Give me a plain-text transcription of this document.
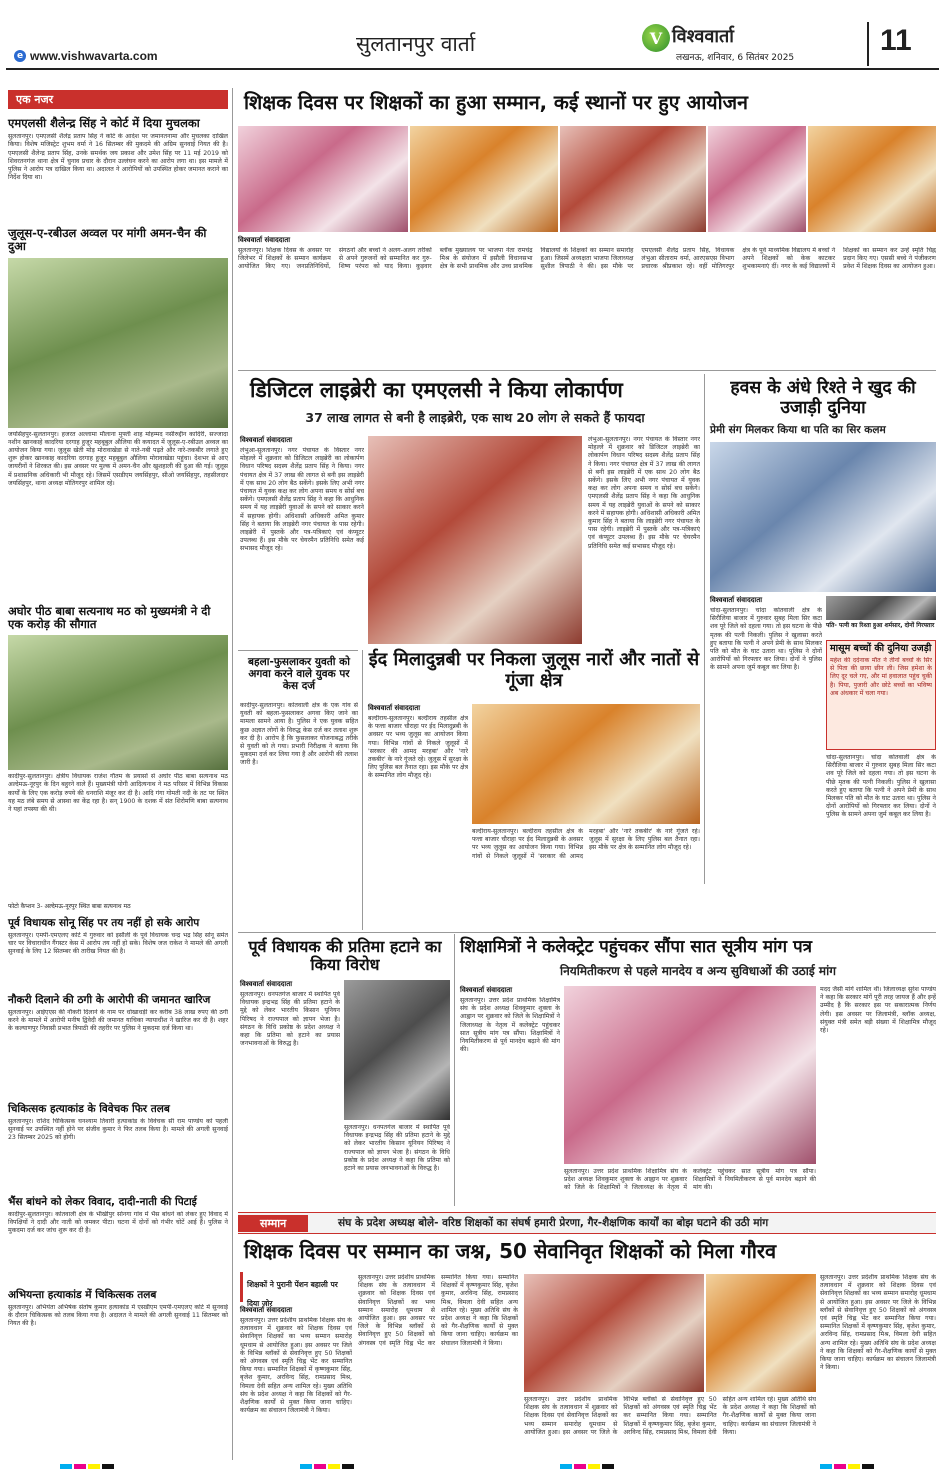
e www.vishwavarta.com	सुलतानपुर वार्ता	V विश्ववार्ता
लखनऊ, शनिवार, 6 सितंबर 2025
11
एक नजर
एमएलसी शैलेन्द्र सिंह ने कोर्ट में दिया मुचलका
सुलतानपुर। एमएलसी शैलेंद्र प्रताप सिंह ने कोर्ट के आदेश पर जमानतनामा और मुचलका दाखिल किया। विशेष मजिस्ट्रेट शुभम वर्मा ने 16 सितम्बर की मुकदमे की अग्रिम सुनवाई नियत की है। एमएलसी शैलेन्द्र प्रताप सिंह, उनके समर्थक जय प्रकाश और उमेश सिंह पर 11 मई 2019 को शिवरतनगंज थाना क्षेत्र में चुनाव प्रचार के दौरान उल्लंघन करने का आरोप लगा था। इस मामले में पुलिस ने आरोप पत्र दाखिल किया था। अदालत ने आरोपियों को उपस्थित होकर जमानत कराने का निर्देश दिया था।
जुलूस-ए-रबीउल अव्वल पर मांगी अमन-चैन की दुआ
जयसिंहपुर-सुलतानपुर। हजरत अल्लामा मौलाना मुफ्ती शाह मोहम्मद नसीरुद्दीन कादिरी, सज्जादा नशीन खानकाहे कादरिया दरगाह हुजूर महबूबुल औलिया की कयादत में जुलूस-ए-रबीउल अव्वल का आयोजन किया गया। जुलूस खेती मोड़ मोरावाखेडा से नाते-नबी पढ़ते और नारे-तकबीर लगाते हुए शुरू होकर खानकाह कादरिया दरगाह हुजूर महबूबुल औलिया मोरावाखेडा पहुंचा। देशभर से आए जायरीनों ने शिरकत की। इस अवसर पर मुल्क में अमन-चैन और खुशहाली की दुआ की गई। जुलूस में प्रशासनिक अधिकारी भी मौजूद रहे। जिसमें एसडीएम जयसिंहपुर, सीओ जयसिंहपुर, तहसीलदार जयसिंहपुर, थाना अध्यक्ष मोतिगरपुर शामिल रहे।
अघोर पीठ बाबा सत्यनाथ मठ को मुख्यमंत्री ने दी एक करोड़ की सौगात
कादीपुर-सुलतानपुर। क्षेत्रीय विधायक राजेश गौतम के प्रयासों से अघोर पीठ बाबा सत्यनाथ मठ अल्देमऊ-नूरपुर के दिन बहुरने वाले हैं। मुख्यमंत्री योगी आदित्यनाथ ने मठ परिसर में विभिन्न विकास कार्यों के लिए एक करोड़ रुपये की धनराशि मंजूर कर दी है। आदि गंगा गोमती नदी के तट पर स्थित यह मठ लंबे समय से आस्था का केंद्र रहा है। सन् 1900 के दशक में संत शिरोमणि बाबा सत्यनाथ ने यहां तपस्या की थी।
फोटो कैप्शन 3- अल्देमऊ-नूरपुर स्थित बाबा सत्यनाथ मठ
पूर्व विधायक सोनू सिंह पर तय नहीं हो सके आरोप
सुलतानपुर। एमपी-एमएलए कोर्ट में गुरुवार को इसौली के पूर्व विधायक चन्द्र भद्र सिंह सोनू समेत चार पर विचाराधीन गैंगस्टर केस में आरोप तय नहीं हो सके। विशेष जज राकेश ने मामले की अगली सुनवाई के लिए 12 सितम्बर की तारीख नियत की है।
नौकरी दिलाने की ठगी के आरोपी की जमानत खारिज
सुलतानपुर। आईएएस की नौकरी दिलाने के नाम पर धोखाधड़ी कर करीब 38 लाख रुपए की ठगी करने के मामले में आरोपी मनीष द्विवेदी की जमानत याचिका न्यायाधीश ने खारिज कर दी है। शहर के कल्याणपुर निवासी प्रभात त्रिपाठी की तहरीर पर पुलिस ने मुकदमा दर्ज किया था।
चिकित्सक हत्याकांड के विवेचक फिर तलब
सुलतानपुर। राशिद चिकित्सक घनश्याम तिवारी हत्याकांड के विवेचक सी राम पाण्डेय को पहली सुनवाई पर उपस्थित नहीं होने पर संजीव कुमार ने फिर तलब किया है। मामले की अगली सुनवाई 23 सितम्बर 2025 को होगी।
भैंस बांधने को लेकर विवाद, दादी-नाती की पिटाई
कादीपुर-सुलतानपुर। कोतवाली क्षेत्र के भीखीपुर सोनगा गांव में भैंस बांधने को लेकर हुए विवाद में विपक्षियों ने दादी और नाती को जमकर पीटा। घटना में दोनों को गंभीर चोटें आई हैं। पुलिस ने मुकदमा दर्ज कर जांच शुरू कर दी है।
अभियन्ता हत्याकांड में चिकित्सक तलब
सुलतानपुर। अभियंता अभिषेक संतोष कुमार हत्याकांड में एसडीएम एमपी-एमएलए कोर्ट में सुनवाई के दौरान चिकित्सक को तलब किया गया है। अदालत ने मामले की अगली सुनवाई 11 सितम्बर को नियत की है।
शिक्षक दिवस पर शिक्षकों का हुआ सम्मान, कई स्थानों पर हुए आयोजन
विश्ववार्ता संवाददाता
सुलतानपुर। शिक्षक दिवस के अवसर पर जिलेभर में शिक्षकों के सम्मान कार्यक्रम आयोजित किए गए। जनप्रतिनिधियों, संगठनों और बच्चों ने अलग-अलग तरीकों से अपने गुरुजनों को सम्मानित कर गुरु-शिष्य परंपरा को याद किया। कुड़वार ब्लॉक मुख्यालय पर भाजपा नेता रामचंद्र मिश्र के संयोजन में इसौली विधानसभा क्षेत्र के सभी प्राथमिक और उच्च प्राथमिक विद्यालयों के शिक्षकों का सम्मान समारोह हुआ। जिसमें अध्यक्षता भाजपा जिलाध्यक्ष सुशील त्रिपाठी ने की। इस मौके पर एमएलसी शैलेंद्र प्रताप सिंह, विधायक लंभुआ सीताराम वर्मा, आरएसएस विभाग प्रचारक श्रीप्रकाश रहे। वहीं मोतिगरपुर क्षेत्र के पूर्व माध्यमिक विद्यालय में बच्चों ने अपने शिक्षकों को केक काटकर शुभकामनाएं दीं। नगर के कई विद्यालयों में शिक्षकों का सम्मान कर उन्हें स्मृति चिह्न प्रदान किए गए। एससी बच्चे ने पंजीकरण प्रवेश में शिक्षक दिवस का आयोजन हुआ।
डिजिटल लाइब्रेरी का एमएलसी ने किया लोकार्पण
37 लाख लागत से बनी है लाइब्रेरी, एक साथ 20 लोग ले सकते हैं फायदा
विश्ववार्ता संवाददाता
लंभुआ-सुलतानपुर। नगर पंचायत के विस्तार नगर मोहल्ले में शुक्रवार को डिजिटल लाइब्रेरी का लोकार्पण विधान परिषद सदस्य शैलेंद्र प्रताप सिंह ने किया। नगर पंचायत क्षेत्र में 37 लाख की लागत से बनी इस लाइब्रेरी में एक साथ 20 लोग बैठ सकेंगे। इसके लिए अभी नगर पंचायत में युवक कक्ष कर लोग अपना समय व सोर्स बच सकेंगे। एमएलसी शैलेंद्र प्रताप सिंह ने कहा कि आधुनिक समय में यह लाइब्रेरी युवाओं के सपने को साकार करने में सहायक होगी। अधिशासी अधिकारी अमित कुमार सिंह ने बताया कि लाइब्रेरी नगर पंचायत के पास रहेगी। लाइब्रेरी में पुस्तकें और पत्र-पत्रिकाएं एवं कंप्यूटर उपलब्ध हैं। इस मौके पर चेयरमैन प्रतिनिधि समेत कई सभासद मौजूद रहे।
लंभुआ-सुलतानपुर। नगर पंचायत के विस्तार नगर मोहल्ले में शुक्रवार को डिजिटल लाइब्रेरी का लोकार्पण विधान परिषद सदस्य शैलेंद्र प्रताप सिंह ने किया। नगर पंचायत क्षेत्र में 37 लाख की लागत से बनी इस लाइब्रेरी में एक साथ 20 लोग बैठ सकेंगे। इसके लिए अभी नगर पंचायत में युवक कक्ष कर लोग अपना समय व सोर्स बच सकेंगे। एमएलसी शैलेंद्र प्रताप सिंह ने कहा कि आधुनिक समय में यह लाइब्रेरी युवाओं के सपने को साकार करने में सहायक होगी। अधिशासी अधिकारी अमित कुमार सिंह ने बताया कि लाइब्रेरी नगर पंचायत के पास रहेगी। लाइब्रेरी में पुस्तकें और पत्र-पत्रिकाएं एवं कंप्यूटर उपलब्ध हैं। इस मौके पर चेयरमैन प्रतिनिधि समेत कई सभासद मौजूद रहे।
हवस के अंधे रिश्ते ने खुद की उजाड़ी दुनिया
प्रेमी संग मिलकर किया था पति का सिर कलम
विश्ववार्ता संवाददाता
चांदा-सुलतानपुर। चांदा कोतवाली क्षेत्र के सिरौलिया बाजार में गुरुवार सुबह मिला सिर कटा शव पूरे जिले को दहला गया। तो इस घटना के पीछे मृतक की पत्नी निकली। पुलिस ने खुलासा करते हुए बताया कि पत्नी ने अपने प्रेमी के साथ मिलकर पति को मौत के घाट उतारा था। पुलिस ने दोनों आरोपियों को गिरफ्तार कर लिया। दोनों ने पुलिस के सामने अपना जुर्म कबूल कर लिया है।
पति- पत्नी का रिश्ता हुआ शर्मसार, दोनों गिरफ्तार
मासूम बच्चों की दुनिया उजड़ी
महेश की दर्दनाक मौत ने तीनों बच्चों के सिर से पिता की छाया छीन ली। जिस हमेशा के लिए दूर चले गए, और मां हवालात पहुंच चुकी है। पिया, पुजारी और छोटे बच्चों का भविष्य अब अंधकार में चला गया।
चांदा-सुलतानपुर। चांदा कोतवाली क्षेत्र के सिरौलिया बाजार में गुरुवार सुबह मिला सिर कटा शव पूरे जिले को दहला गया। तो इस घटना के पीछे मृतक की पत्नी निकली। पुलिस ने खुलासा करते हुए बताया कि पत्नी ने अपने प्रेमी के साथ मिलकर पति को मौत के घाट उतारा था। पुलिस ने दोनों आरोपियों को गिरफ्तार कर लिया। दोनों ने पुलिस के सामने अपना जुर्म कबूल कर लिया है।
बहला-फुसलाकर युवती को अगवा करने वाले युवक पर केस दर्ज
कादीपुर-सुलतानपुर। कोतवाली क्षेत्र के एक गांव से युवती को बहला-फुसलाकर अगवा किए जाने का मामला सामने आया है। पुलिस ने एक युवक सहित कुछ अज्ञात लोगों के विरुद्ध केस दर्ज कर तलाश शुरू कर दी है। आरोप है कि फुसलाकर योजनाबद्ध तरीके से युवती को ले गया। प्रभारी निरीक्षक ने बताया कि मुकदमा दर्ज कर लिया गया है और आरोपी की तलाश जारी है।
ईद मिलादुन्नबी पर निकला जुलूस नारों और नातों से गूंजा क्षेत्र
विश्ववार्ता संवाददाता
बल्दीराय-सुलतानपुर। बल्दीराय तहसील क्षेत्र के फत्ता बाजार चौराहा पर ईद मिलादुन्नबी के अवसर पर भव्य जुलूस का आयोजन किया गया। विभिन्न गांवों से निकले जुलूसों में 'सरकार की आमद मरहबा' और 'नारे तकबीर' के नारे गूंजते रहे। जुलूस में सुरक्षा के लिए पुलिस बल तैनात रहा। इस मौके पर क्षेत्र के सम्मानित लोग मौजूद रहे।
बल्दीराय-सुलतानपुर। बल्दीराय तहसील क्षेत्र के फत्ता बाजार चौराहा पर ईद मिलादुन्नबी के अवसर पर भव्य जुलूस का आयोजन किया गया। विभिन्न गांवों से निकले जुलूसों में 'सरकार की आमद मरहबा' और 'नारे तकबीर' के नारे गूंजते रहे। जुलूस में सुरक्षा के लिए पुलिस बल तैनात रहा। इस मौके पर क्षेत्र के सम्मानित लोग मौजूद रहे।
पूर्व विधायक की प्रतिमा हटाने का किया विरोध
विश्ववार्ता संवाददाता
सुलतानपुर। धनपतगंज बाजार में स्थापित पूर्व विधायक इन्द्रभद्र सिंह की प्रतिमा हटाने के मुद्दे को लेकर भारतीय किसान यूनियन पिरिषद ने राज्यपाल को ज्ञापन भेजा है। संगठन के विधि प्रकोष्ठ के प्रदेश अध्यक्ष ने कहा कि प्रतिमा को हटाने का प्रयास जनभावनाओं के विरुद्ध है।
सुलतानपुर। धनपतगंज बाजार में स्थापित पूर्व विधायक इन्द्रभद्र सिंह की प्रतिमा हटाने के मुद्दे को लेकर भारतीय किसान यूनियन पिरिषद ने राज्यपाल को ज्ञापन भेजा है। संगठन के विधि प्रकोष्ठ के प्रदेश अध्यक्ष ने कहा कि प्रतिमा को हटाने का प्रयास जनभावनाओं के विरुद्ध है।
शिक्षामित्रों ने कलेक्ट्रेट पहुंचकर सौंपा सात सूत्रीय मांग पत्र
नियमितीकरण से पहले मानदेय व अन्य सुविधाओं की उठाई मांग
विश्ववार्ता संवाददाता
सुलतानपुर। उत्तर प्रदेश प्राथमिक शिक्षामित्र संघ के प्रदेश अध्यक्ष शिवकुमार शुक्ला के आह्वान पर शुक्रवार को जिले के शिक्षामित्रों ने जिलाध्यक्ष के नेतृत्व में कलेक्ट्रेट पहुंचकर सात सूत्रीय मांग पत्र सौंपा। शिक्षामित्रों ने नियमितीकरण से पूर्व मानदेय बढ़ाने की मांग की।
मदद जैसी मांगें शामिल थीं। जिलाध्यक्ष सुरेश पाण्डेय ने कहा कि सरकार मांगें पूरी तरह जायज हैं और इन्हें उम्मीद है कि सरकार इस पर सकारात्मक निर्णय लेगी। इस अवसर पर जिलामंत्री, ब्लॉक अध्यक्ष, संयुक्त मंत्री समेत बड़ी संख्या में शिक्षामित्र मौजूद रहे।
सुलतानपुर। उत्तर प्रदेश प्राथमिक शिक्षामित्र संघ के प्रदेश अध्यक्ष शिवकुमार शुक्ला के आह्वान पर शुक्रवार को जिले के शिक्षामित्रों ने जिलाध्यक्ष के नेतृत्व में कलेक्ट्रेट पहुंचकर सात सूत्रीय मांग पत्र सौंपा। शिक्षामित्रों ने नियमितीकरण से पूर्व मानदेय बढ़ाने की मांग की।
सम्मान	संघ के प्रदेश अध्यक्ष बोले- वरिष्ठ शिक्षकों का संघर्ष हमारी प्रेरणा, गैर-शैक्षणिक कार्यों का बोझ घटाने की उठी मांग
शिक्षक दिवस पर सम्मान का जश्न, 50 सेवानिवृत शिक्षकों को मिला गौरव
शिक्षकों ने पुरानी पेंशन बहाली पर दिया जोर
विश्ववार्ता संवाददाता
सुलतानपुर। उत्तर प्रदेशीय प्राथमिक शिक्षक संघ के तत्वावधान में शुक्रवार को शिक्षक दिवस एवं सेवानिवृत्त शिक्षकों का भव्य सम्मान समारोह धूमधाम से आयोजित हुआ। इस अवसर पर जिले के विभिन्न ब्लॉकों से सेवानिवृत्त हुए 50 शिक्षकों को अंगवस्त्र एवं स्मृति चिह्न भेंट कर सम्मानित किया गया। सम्मानित शिक्षकों में कृष्णकुमार सिंह, बृजेश कुमार, अरविन्द सिंह, रामप्रसाद मिश्र, विमला देवी सहित अन्य शामिल रहे। मुख्य अतिथि संघ के प्रदेश अध्यक्ष ने कहा कि शिक्षकों को गैर-शैक्षणिक कार्यों से मुक्त किया जाना चाहिए। कार्यक्रम का संचालन जिलामंत्री ने किया।
सुलतानपुर। उत्तर प्रदेशीय प्राथमिक शिक्षक संघ के तत्वावधान में शुक्रवार को शिक्षक दिवस एवं सेवानिवृत्त शिक्षकों का भव्य सम्मान समारोह धूमधाम से आयोजित हुआ। इस अवसर पर जिले के विभिन्न ब्लॉकों से सेवानिवृत्त हुए 50 शिक्षकों को अंगवस्त्र एवं स्मृति चिह्न भेंट कर सम्मानित किया गया। सम्मानित शिक्षकों में कृष्णकुमार सिंह, बृजेश कुमार, अरविन्द सिंह, रामप्रसाद मिश्र, विमला देवी सहित अन्य शामिल रहे। मुख्य अतिथि संघ के प्रदेश अध्यक्ष ने कहा कि शिक्षकों को गैर-शैक्षणिक कार्यों से मुक्त किया जाना चाहिए। कार्यक्रम का संचालन जिलामंत्री ने किया।
सुलतानपुर। उत्तर प्रदेशीय प्राथमिक शिक्षक संघ के तत्वावधान में शुक्रवार को शिक्षक दिवस एवं सेवानिवृत्त शिक्षकों का भव्य सम्मान समारोह धूमधाम से आयोजित हुआ। इस अवसर पर जिले के विभिन्न ब्लॉकों से सेवानिवृत्त हुए 50 शिक्षकों को अंगवस्त्र एवं स्मृति चिह्न भेंट कर सम्मानित किया गया। सम्मानित शिक्षकों में कृष्णकुमार सिंह, बृजेश कुमार, अरविन्द सिंह, रामप्रसाद मिश्र, विमला देवी सहित अन्य शामिल रहे। मुख्य अतिथि संघ के प्रदेश अध्यक्ष ने कहा कि शिक्षकों को गैर-शैक्षणिक कार्यों से मुक्त किया जाना चाहिए। कार्यक्रम का संचालन जिलामंत्री ने किया।
सुलतानपुर। उत्तर प्रदेशीय प्राथमिक शिक्षक संघ के तत्वावधान में शुक्रवार को शिक्षक दिवस एवं सेवानिवृत्त शिक्षकों का भव्य सम्मान समारोह धूमधाम से आयोजित हुआ। इस अवसर पर जिले के विभिन्न ब्लॉकों से सेवानिवृत्त हुए 50 शिक्षकों को अंगवस्त्र एवं स्मृति चिह्न भेंट कर सम्मानित किया गया। सम्मानित शिक्षकों में कृष्णकुमार सिंह, बृजेश कुमार, अरविन्द सिंह, रामप्रसाद मिश्र, विमला देवी सहित अन्य शामिल रहे। मुख्य अतिथि संघ के प्रदेश अध्यक्ष ने कहा कि शिक्षकों को गैर-शैक्षणिक कार्यों से मुक्त किया जाना चाहिए। कार्यक्रम का संचालन जिलामंत्री ने किया।
